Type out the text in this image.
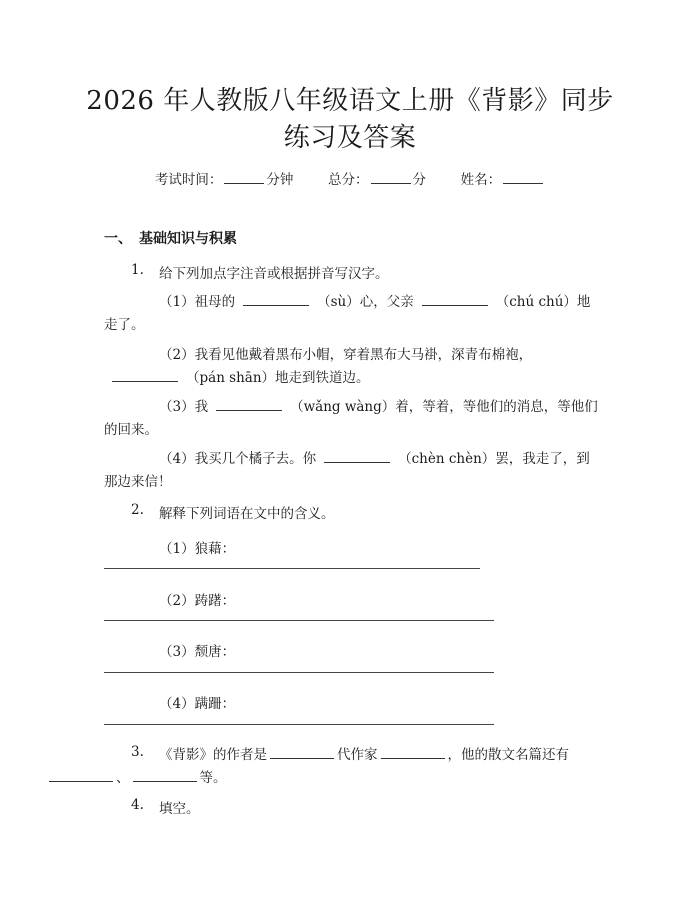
2026 年人教版八年级语文上册《背影》同步
练习及答案
考试时间：	分钟	总分：	分	姓名：
一、　基础知识与积累
1. 给下列加点字注音或根据拼音写汉字。
（1）祖母的	（sù）心，父亲	（chú chú）地走了。
（2）我看见他戴着黑布小帽，穿着黑布大马褂，深青布棉袍，（pán shān）地走到铁道边。
（3）我	（wǎng wàng）着，等着，等他们的消息，等他们的回来。
（4）我买几个橘子去。你	（chèn chèn）罢，我走了，到那边来信！
2. 解释下列词语在文中的含义。
（1）狼藉：
（2）踌躇：
（3）颓唐：
（4）蹒跚：
3.	《背影》的作者是	代作家	，他的散文名篇还有
、	等。
4. 填空。
